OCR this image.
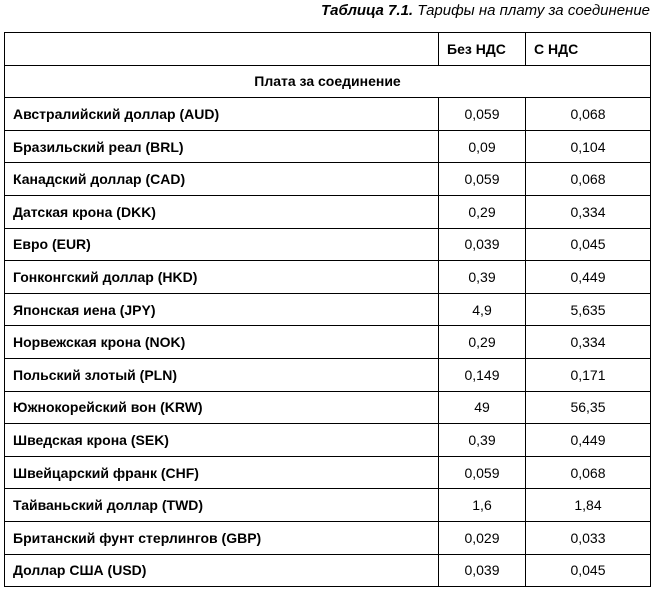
Таблица 7.1. Тарифы на плату за соединение
	Без НДС	С НДС
Плата за соединение		
Австралийский доллар (AUD)	0,059	0,068
Бразильский реал (BRL)	0,09	0,104
Канадский доллар (CAD)	0,059	0,068
Датская крона (DKK)	0,29	0,334
Евро (EUR)	0,039	0,045
Гонконгский доллар (HKD)	0,39	0,449
Японская иена (JPY)	4,9	5,635
Норвежская крона (NOK)	0,29	0,334
Польский злотый (PLN)	0,149	0,171
Южнокорейский вон (KRW)	49	56,35
Шведская крона (SEK)	0,39	0,449
Швейцарский франк (CHF)	0,059	0,068
Тайваньский доллар (TWD)	1,6	1,84
Британский фунт стерлингов (GBP)	0,029	0,033
Доллар США (USD)	0,039	0,045
